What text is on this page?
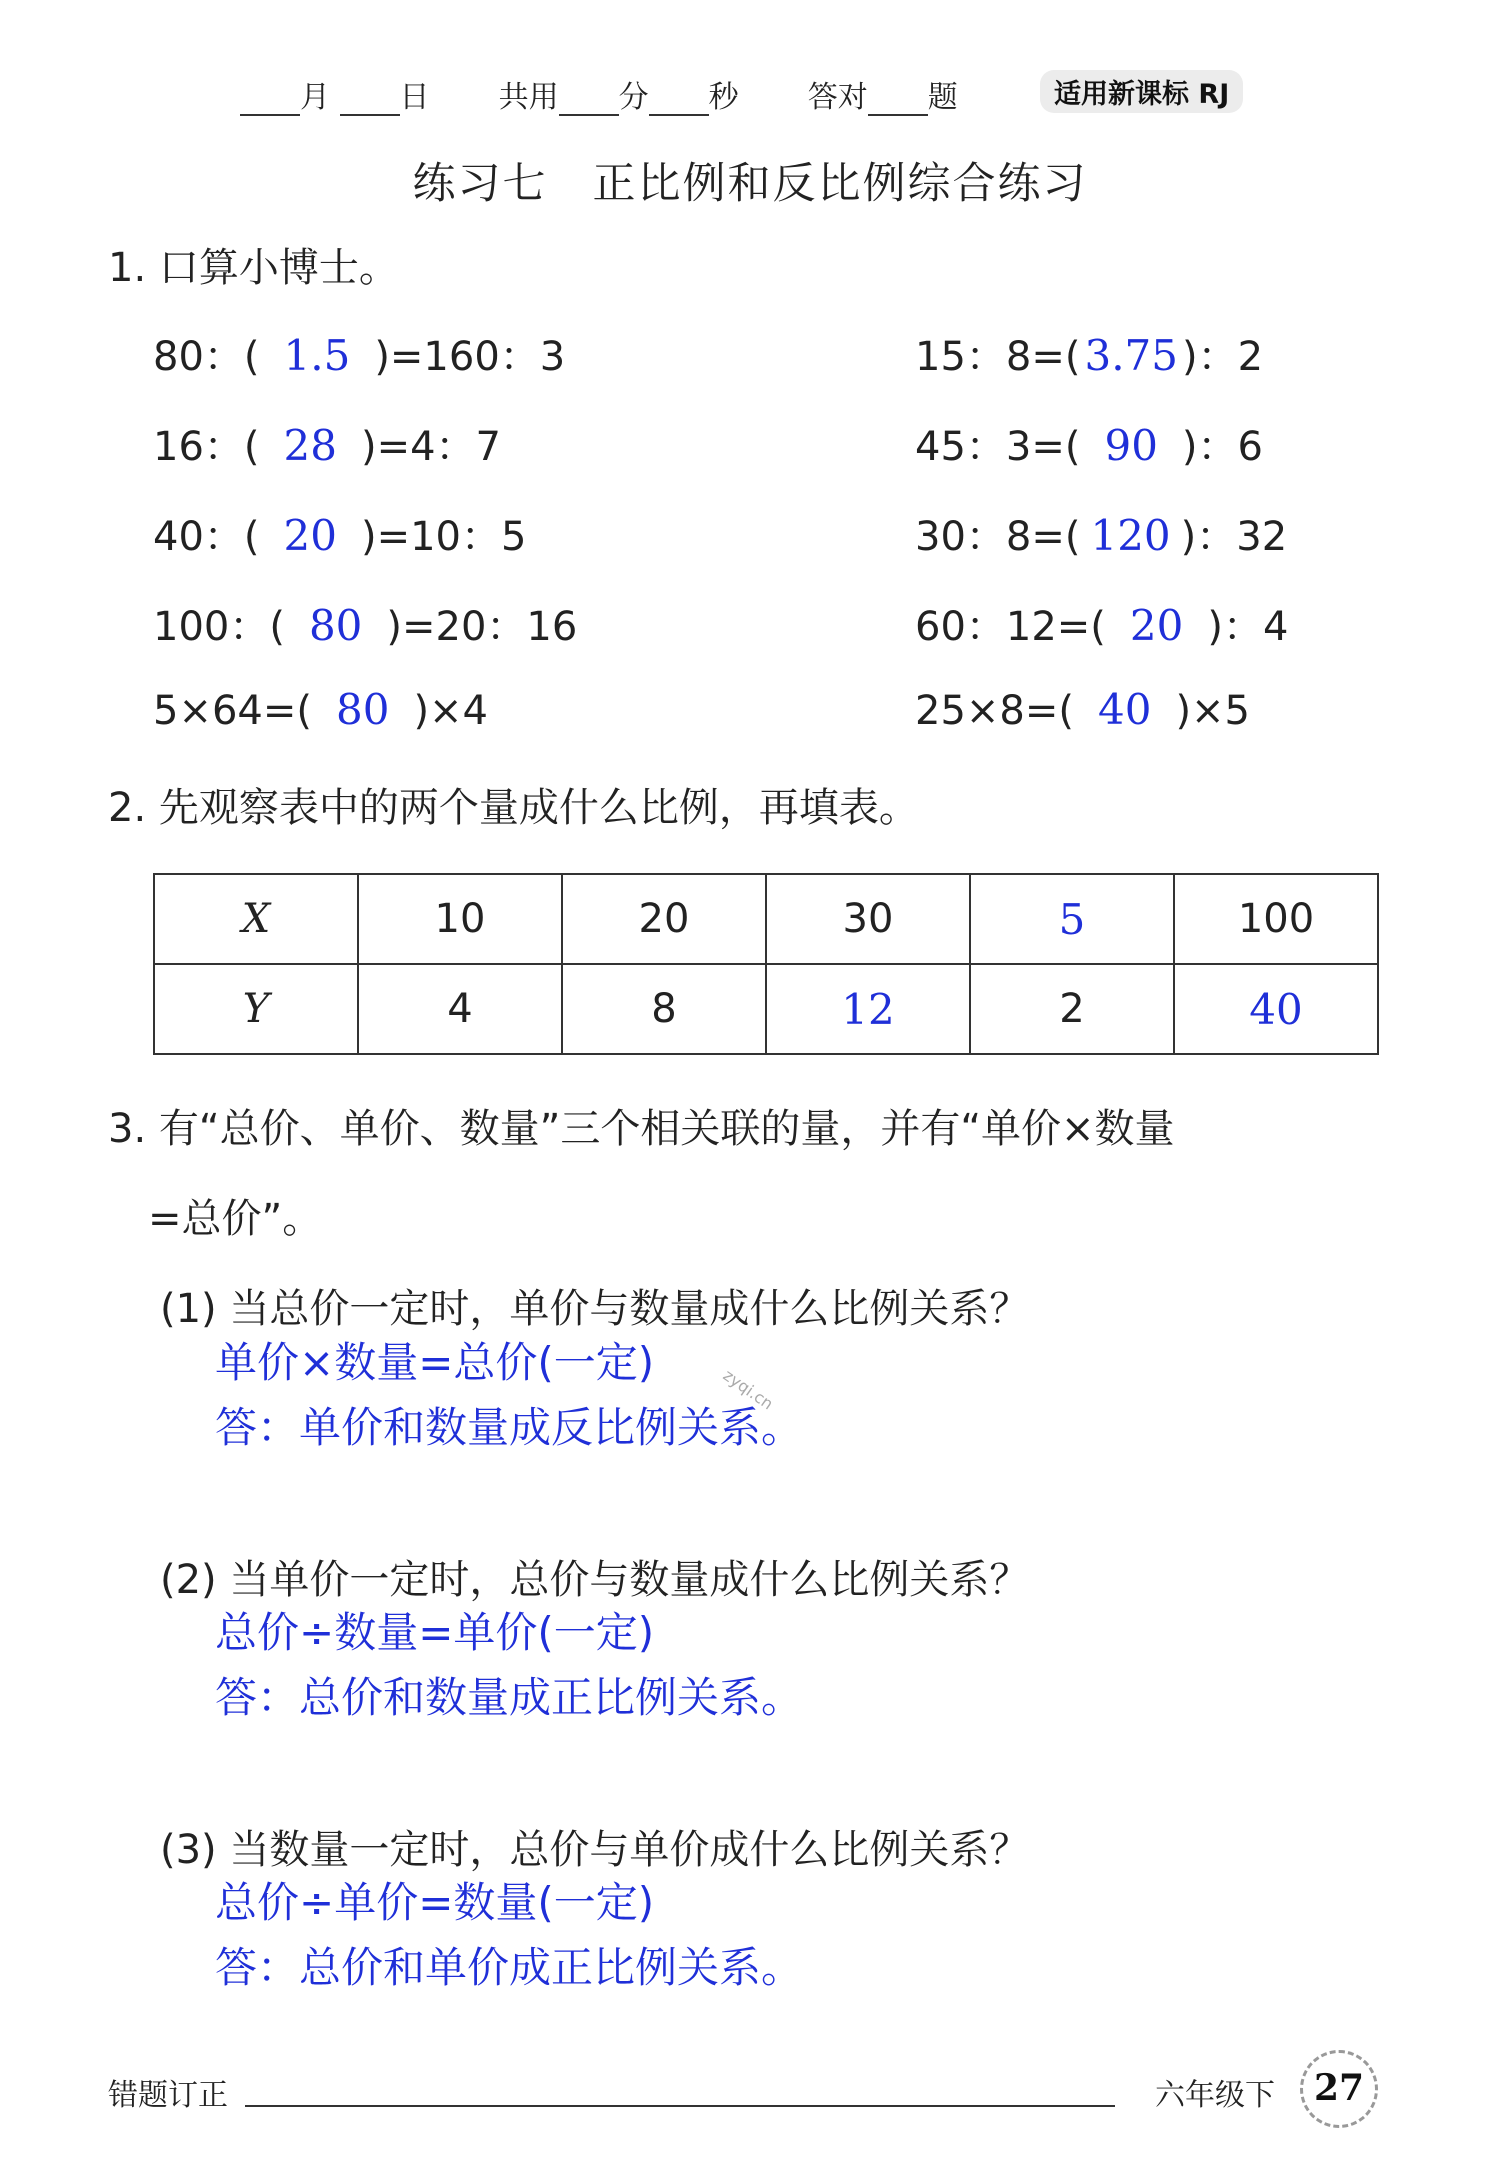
月 日 共用 分 秒 答对 题	适用新课标 RJ
练习七　正比例和反比例综合练习
1. 口算小博士。
80：( 1.5 )=160：3
16：( 28 )=4：7
40：( 20 )=10：5
100：( 80 )=20：16
5×64=( 80 )×4
15：8=(3.75 )：2
45：3=( 90 )：6
30：8=( 120 )：32
60：12=( 20 )：4
25×8=( 40 )×5
2. 先观察表中的两个量成什么比例，再填表。
X	10	20	30	5	100
Y	4	8	12	2	40
3. 有“总价、单价、数量”三个相关联的量，并有“单价×数量
=总价”。
(1) 当总价一定时，单价与数量成什么比例关系？
单价×数量=总价(一定)
答：单价和数量成反比例关系。
(2) 当单价一定时，总价与数量成什么比例关系？
总价÷数量=单价(一定)
答：总价和数量成正比例关系。
(3) 当数量一定时，总价与单价成什么比例关系？
总价÷单价=数量(一定)
答：总价和单价成正比例关系。
zyqi.cn
错题订正	六年级下	27
